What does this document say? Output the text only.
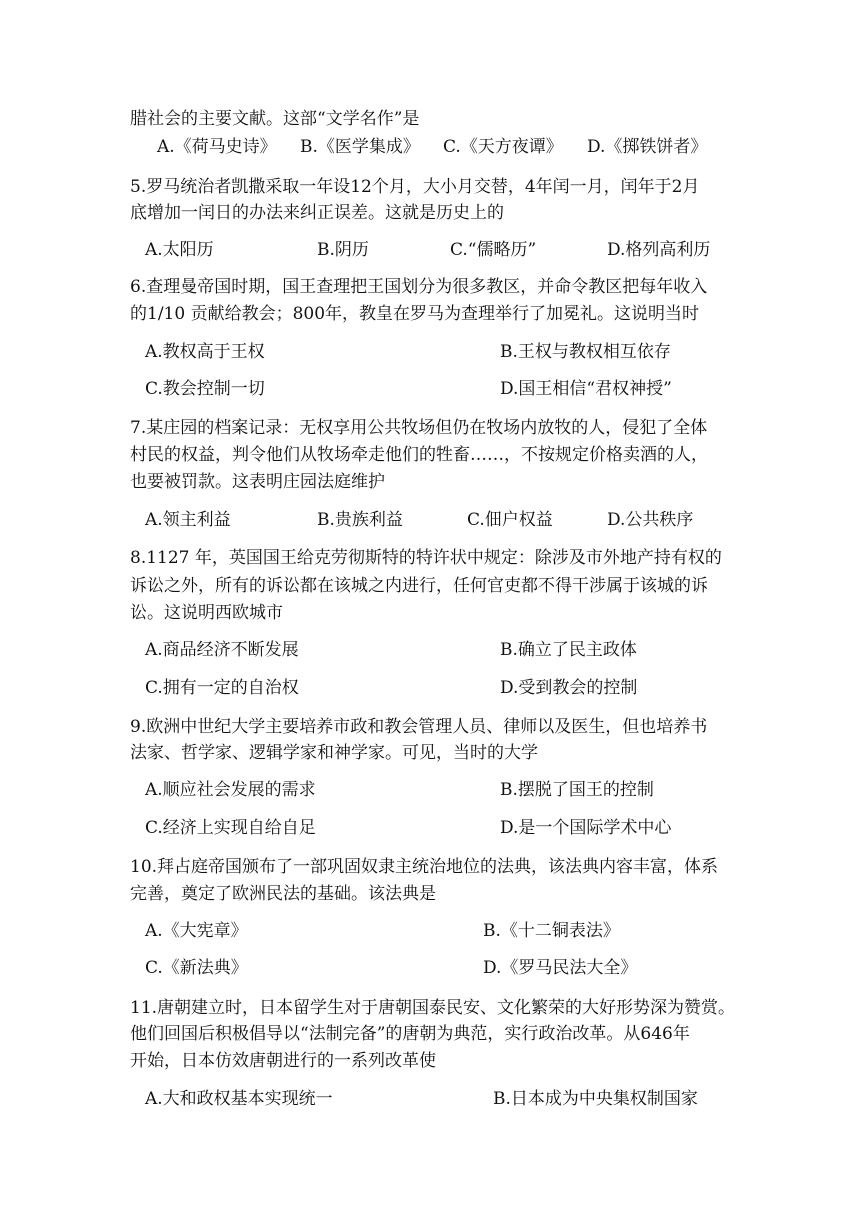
腊社会的主要文献。这部“文学名作”是
A.《荷马史诗》 B.《医学集成》 C.《天方夜谭》 D.《掷铁饼者》
5.罗马统治者凯撒采取一年设12个月，大小月交替，4年闰一月，闰年于2月
底增加一闰日的办法来纠正误差。这就是历史上的
A.太阳历	B.阴历	C.“儒略历”	D.格列高利历
6.查理曼帝国时期，国王查理把王国划分为很多教区，并命令教区把每年收入
的1/10 贡献给教会；800年，教皇在罗马为查理举行了加冕礼。这说明当时
A.教权高于王权	B.王权与教权相互依存
C.教会控制一切	D.国王相信“君权神授”
7.某庄园的档案记录：无权享用公共牧场但仍在牧场内放牧的人，侵犯了全体
村民的权益，判令他们从牧场牵走他们的牲畜……，不按规定价格卖酒的人，
也要被罚款。这表明庄园法庭维护
A.领主利益	B.贵族利益	C.佃户权益	D.公共秩序
8.1127 年，英国国王给克劳彻斯特的特许状中规定：除涉及市外地产持有权的
诉讼之外，所有的诉讼都在该城之内进行，任何官吏都不得干涉属于该城的诉
讼。这说明西欧城市
A.商品经济不断发展	B.确立了民主政体
C.拥有一定的自治权	D.受到教会的控制
9.欧洲中世纪大学主要培养市政和教会管理人员、律师以及医生，但也培养书
法家、哲学家、逻辑学家和神学家。可见，当时的大学
A.顺应社会发展的需求	B.摆脱了国王的控制
C.经济上实现自给自足	D.是一个国际学术中心
10.拜占庭帝国颁布了一部巩固奴隶主统治地位的法典，该法典内容丰富，体系
完善，奠定了欧洲民法的基础。该法典是
A.《大宪章》	B.《十二铜表法》
C.《新法典》	D.《罗马民法大全》
11.唐朝建立时，日本留学生对于唐朝国泰民安、文化繁荣的大好形势深为赞赏。
他们回国后积极倡导以“法制完备”的唐朝为典范，实行政治改革。从646年
开始，日本仿效唐朝进行的一系列改革使
A.大和政权基本实现统一	B.日本成为中央集权制国家
